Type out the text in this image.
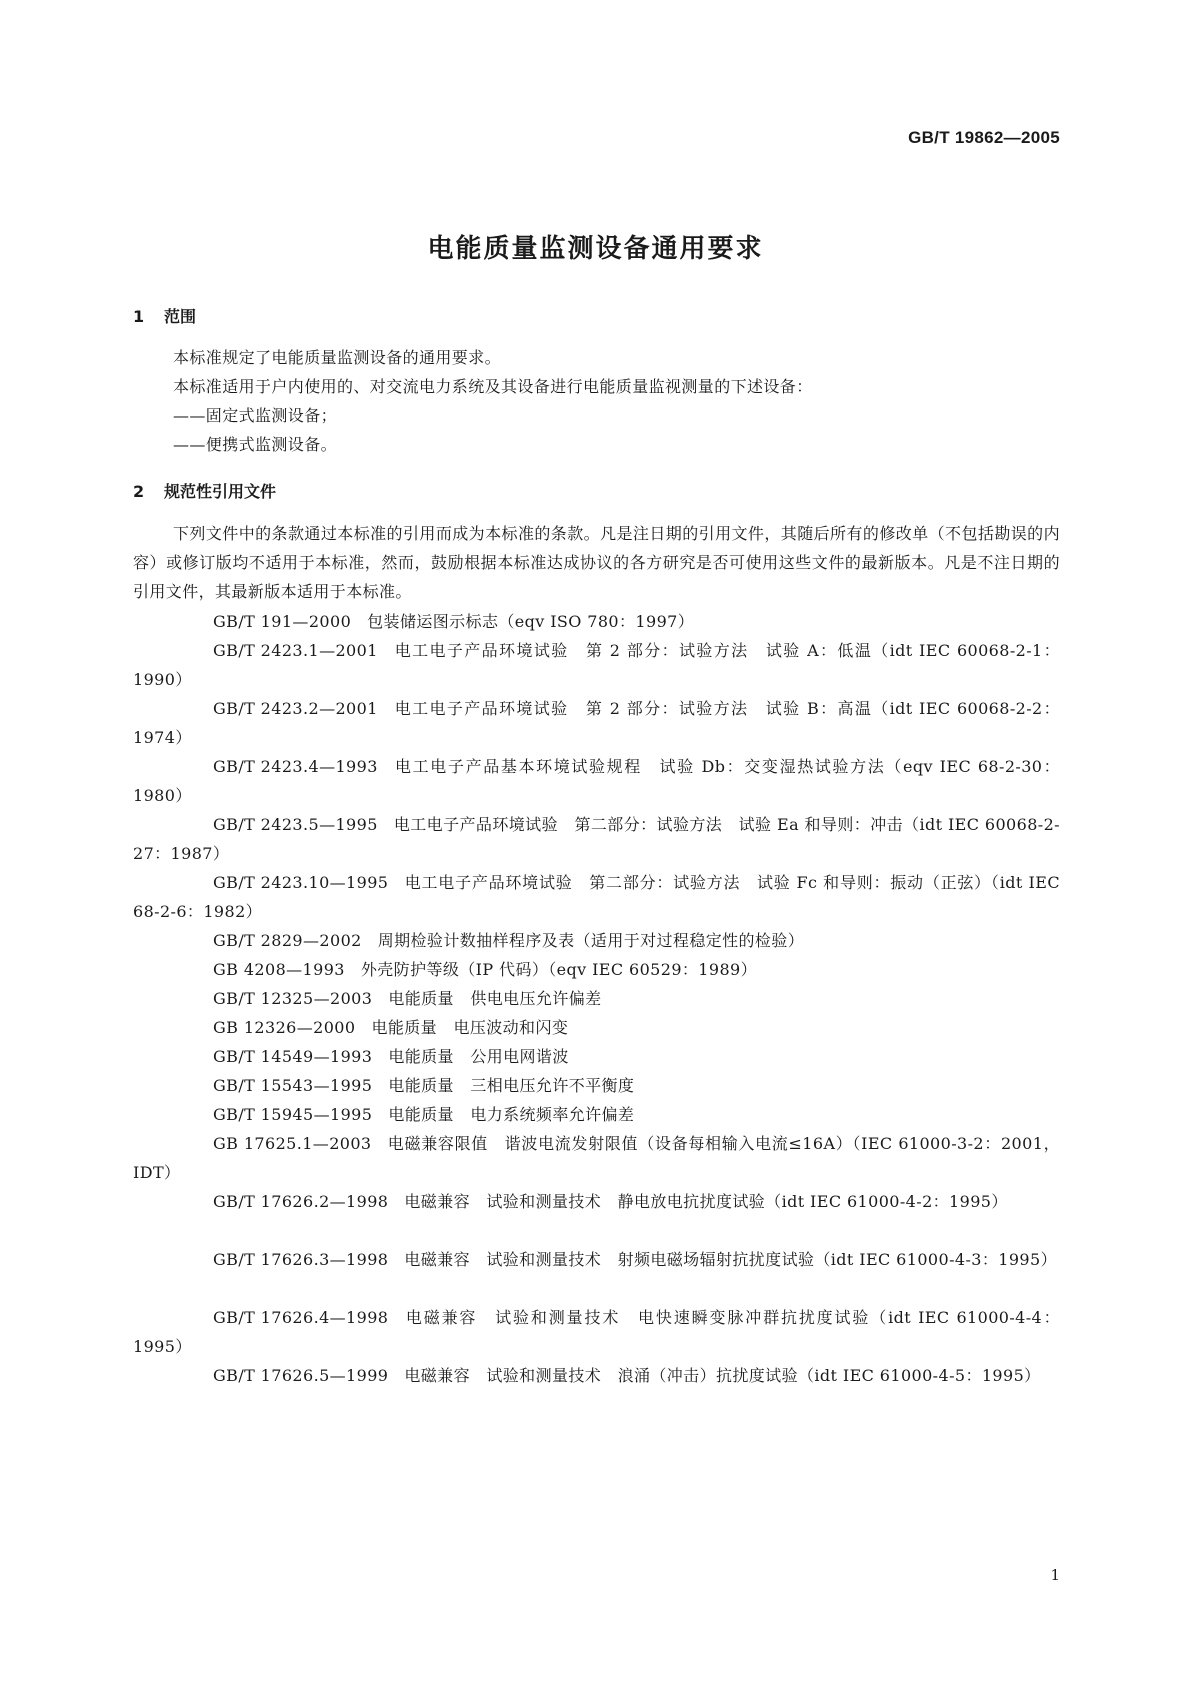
GB/T 19862—2005
电能质量监测设备通用要求
1 范围
本标准规定了电能质量监测设备的通用要求。
本标准适用于户内使用的、对交流电力系统及其设备进行电能质量监视测量的下述设备：
——固定式监测设备；
——便携式监测设备。
2 规范性引用文件
下列文件中的条款通过本标准的引用而成为本标准的条款。凡是注日期的引用文件，其随后所有的修改单（不包括勘误的内容）或修订版均不适用于本标准，然而，鼓励根据本标准达成协议的各方研究是否可使用这些文件的最新版本。凡是不注日期的引用文件，其最新版本适用于本标准。
GB/T 191—2000 包装储运图示标志（eqv ISO 780：1997）
GB/T 2423.1—2001 电工电子产品环境试验　第 2 部分：试验方法　试验 A：低温（idt IEC 60068-2-1：1990）
GB/T 2423.2—2001 电工电子产品环境试验　第 2 部分：试验方法　试验 B：高温（idt IEC 60068-2-2：1974）
GB/T 2423.4—1993 电工电子产品基本环境试验规程　试验 Db：交变湿热试验方法（eqv IEC 68-2-30：1980）
GB/T 2423.5—1995 电工电子产品环境试验　第二部分：试验方法　试验 Ea 和导则：冲击（idt IEC 60068-2-27：1987）
GB/T 2423.10—1995 电工电子产品环境试验　第二部分：试验方法　试验 Fc 和导则：振动（正弦）（idt IEC 68-2-6：1982）
GB/T 2829—2002 周期检验计数抽样程序及表（适用于对过程稳定性的检验）
GB 4208—1993 外壳防护等级（IP 代码）（eqv IEC 60529：1989）
GB/T 12325—2003 电能质量　供电电压允许偏差
GB 12326—2000 电能质量　电压波动和闪变
GB/T 14549—1993 电能质量　公用电网谐波
GB/T 15543—1995 电能质量　三相电压允许不平衡度
GB/T 15945—1995 电能质量　电力系统频率允许偏差
GB 17625.1—2003 电磁兼容限值　谐波电流发射限值（设备每相输入电流≤16A）（IEC 61000-3-2：2001，IDT）
GB/T 17626.2—1998 电磁兼容　试验和测量技术　静电放电抗扰度试验（idt IEC 61000-4-2：1995）
GB/T 17626.3—1998 电磁兼容　试验和测量技术　射频电磁场辐射抗扰度试验（idt IEC 61000-4-3：1995）
GB/T 17626.4—1998 电磁兼容　试验和测量技术　电快速瞬变脉冲群抗扰度试验（idt IEC 61000-4-4：1995）
GB/T 17626.5—1999 电磁兼容　试验和测量技术　浪涌（冲击）抗扰度试验（idt IEC 61000-4-5：1995）
1
